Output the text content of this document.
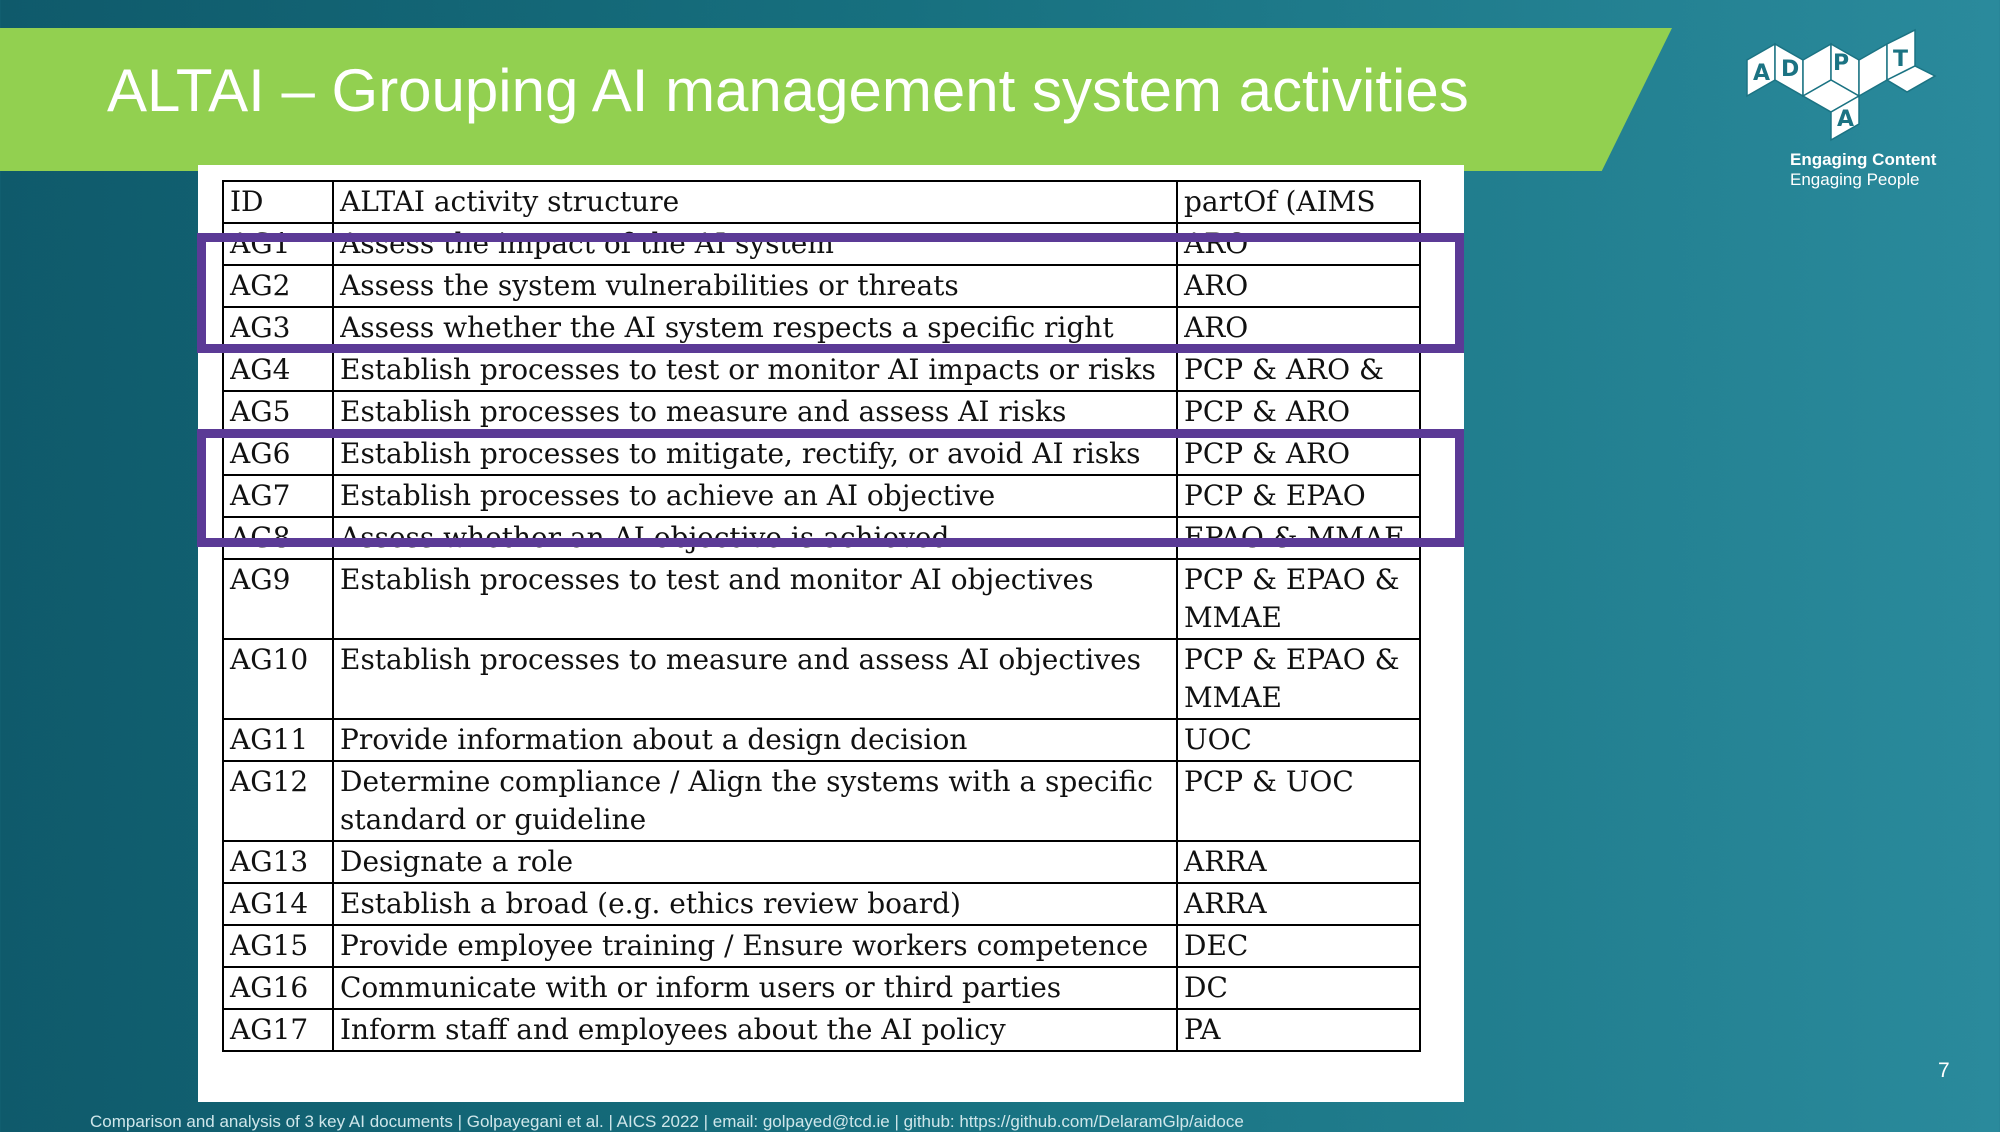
ALTAI – Grouping AI management system activities	A D P
A
T
Engaging Content
Engaging People
ID	ALTAI activity structure	partOf (AIMS

AG1	Assess the impact of the AI system	ARO
AG2	Assess the system vulnerabilities or threats	ARO

AG3	Assess whether the AI system respects a specific right	ARO

AG4	Establish processes to test or monitor AI impacts or risks	PCP & ARO &

AG5	Establish processes to measure and assess AI risks	PCP & ARO
AG6	Establish processes to mitigate, rectify, or avoid AI risks	PCP & ARO
AG7	Establish processes to achieve an AI objective	PCP & EPAO
AG8	Assess whether an AI objective is achieved	EPAO & MMAE
AG9	Establish processes to test and monitor AI objectives	PCP & EPAO & MMAE
AG10	Establish processes to measure and assess AI objectives	PCP & EPAO & MMAE
AG11	Provide information about a design decision	UOC
AG12	Determine compliance / Align the systems with a specific standard or guideline	PCP & UOC
AG13	Designate a role	ARRA
AG14	Establish a broad (e.g. ethics review board)	ARRA
AG15	Provide employee training / Ensure workers competence	DEC
AG16	Communicate with or inform users or third parties	DC
AG17	Inform staff and employees about the AI policy	PA
7
Comparison and analysis of 3 key AI documents | Golpayegani et al. | AICS 2022 | email: golpayed@tcd.ie | github: https://github.com/DelaramGlp/aidoce
